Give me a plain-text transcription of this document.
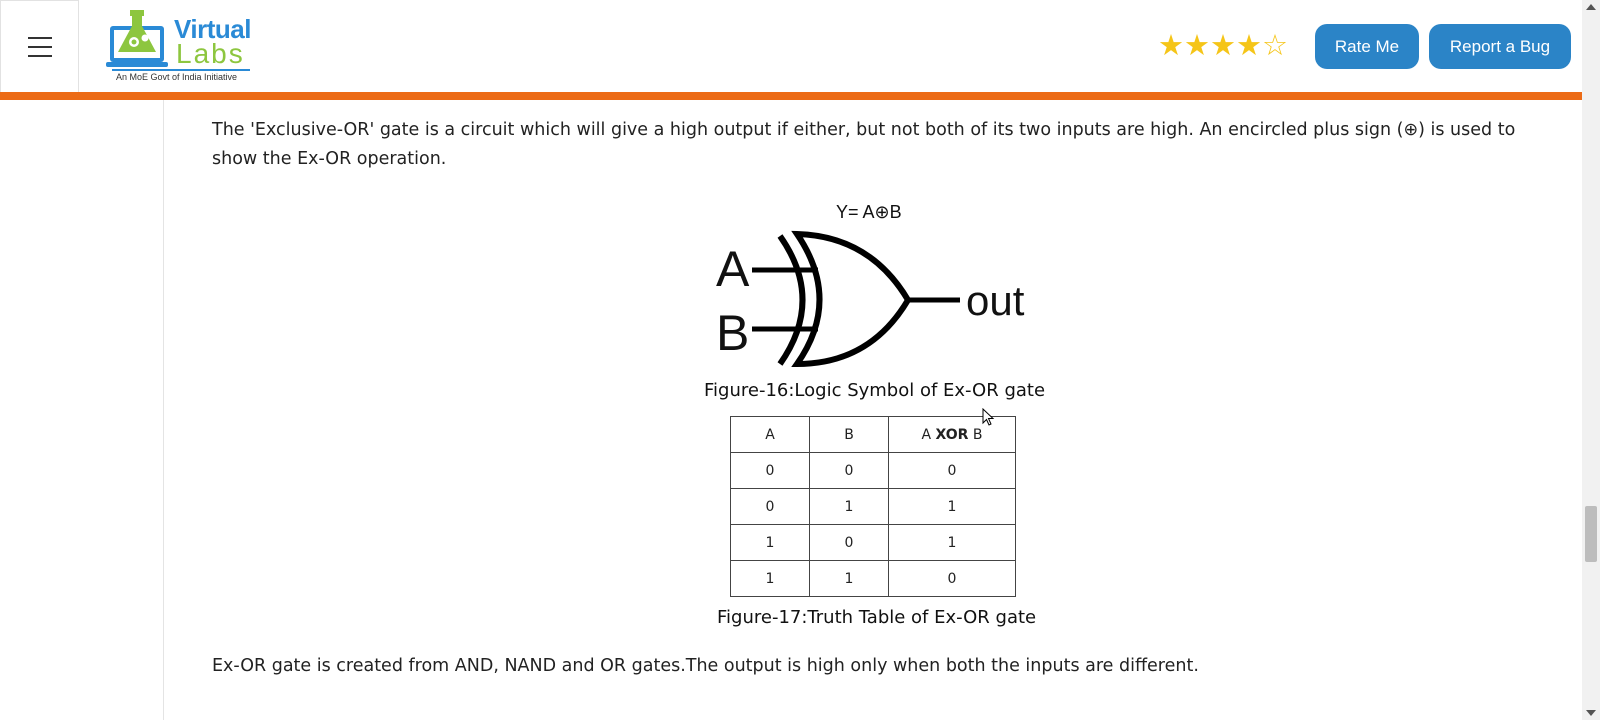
Virtual
Labs
An MoE Govt of India Initiative
★★★★☆	Rate Me	Report a Bug

The 'Exclusive-OR' gate is a circuit which will give a high output if either, but not both of its two inputs are high. An encircled plus sign (⊕) is used to show the Ex-OR operation.

Y= A⊕B
A
B
out
Figure-16:Logic Symbol of Ex-OR gate
A	B	A XOR B
0	0	0
0	1	1
1	0	1
1	1	0
Figure-17:Truth Table of Ex-OR gate

Ex-OR gate is created from AND, NAND and OR gates.The output is high only when both the inputs are different.
